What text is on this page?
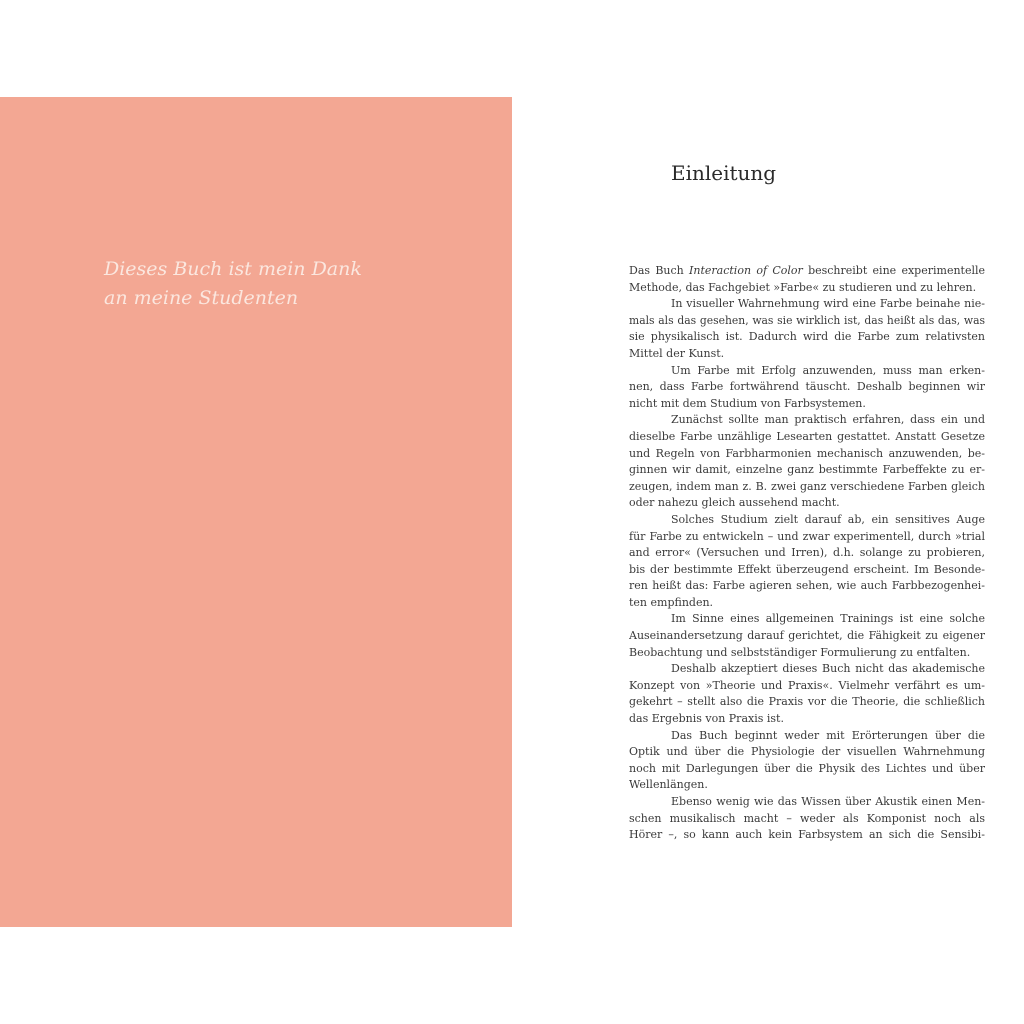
Dieses Buch ist mein Dank
an meine Studenten
Einleitung
Das Buch Interaction of Color beschreibt eine experimentelle
Methode, das Fachgebiet »Farbe« zu studieren und zu lehren.
In visueller Wahrnehmung wird eine Farbe beinahe nie-
mals als das gesehen, was sie wirklich ist, das heißt als das, was
sie physikalisch ist. Dadurch wird die Farbe zum relativsten
Mittel der Kunst.
Um Farbe mit Erfolg anzuwenden, muss man erken-
nen, dass Farbe fortwährend täuscht. Deshalb beginnen wir
nicht mit dem Studium von Farbsystemen.
Zunächst sollte man praktisch erfahren, dass ein und
dieselbe Farbe unzählige Lesearten gestattet. Anstatt Gesetze
und Regeln von Farbharmonien mechanisch anzuwenden, be-
ginnen wir damit, einzelne ganz bestimmte Farbeffekte zu er-
zeugen, indem man z. B. zwei ganz verschiedene Farben gleich
oder nahezu gleich aussehend macht.
Solches Studium zielt darauf ab, ein sensitives Auge
für Farbe zu entwickeln – und zwar experimentell, durch »trial
and error« (Versuchen und Irren), d.h. solange zu probieren,
bis der bestimmte Effekt überzeugend erscheint. Im Besonde-
ren heißt das: Farbe agieren sehen, wie auch Farbbezogenhei-
ten empfinden.
Im Sinne eines allgemeinen Trainings ist eine solche
Auseinandersetzung darauf gerichtet, die Fähigkeit zu eigener
Beobachtung und selbstständiger Formulierung zu entfalten.
Deshalb akzeptiert dieses Buch nicht das akademische
Konzept von »Theorie und Praxis«. Vielmehr verfährt es um-
gekehrt – stellt also die Praxis vor die Theorie, die schließlich
das Ergebnis von Praxis ist.
Das Buch beginnt weder mit Erörterungen über die
Optik und über die Physiologie der visuellen Wahrnehmung
noch mit Darlegungen über die Physik des Lichtes und über
Wellenlängen.
Ebenso wenig wie das Wissen über Akustik einen Men-
schen musikalisch macht – weder als Komponist noch als
Hörer –, so kann auch kein Farbsystem an sich die Sensibi-
